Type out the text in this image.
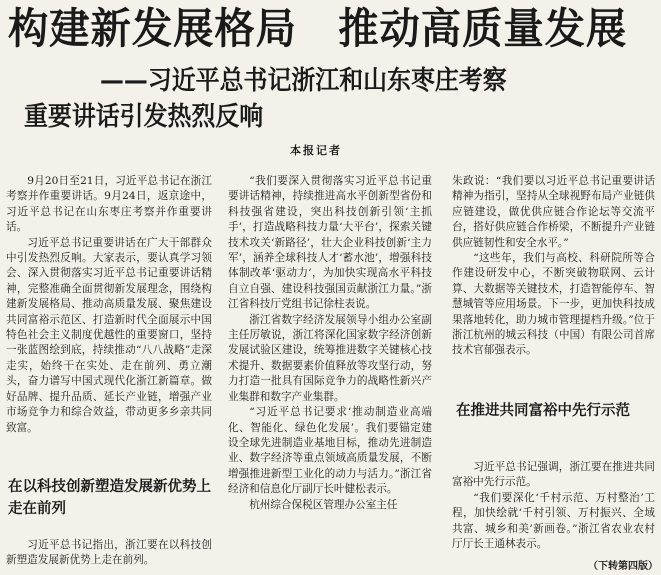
构建新发展格局　推动高质量发展
——习近平总书记浙江和山东枣庄考察
重要讲话引发热烈反响
本报记者

9月20日至21日，习近平总书记在浙江考察并作重要讲话。9月24日，返京途中，习近平总书记在山东枣庄考察并作重要讲话。

习近平总书记重要讲话在广大干部群众中引发热烈反响。大家表示，要认真学习领会、深入贯彻落实习近平总书记重要讲话精神，完整准确全面贯彻新发展理念，围绕构建新发展格局、推动高质量发展、聚焦建设共同富裕示范区、打造新时代全面展示中国特色社会主义制度优越性的重要窗口，坚持一张蓝图绘到底，持续推动“八八战略”走深走实，始终干在实处、走在前列、勇立潮头，奋力谱写中国式现代化浙江新篇章。做好品牌、提升品质、延长产业链，增强产业市场竞争力和综合效益，带动更多乡亲共同致富。

在以科技创新塑造发展新优势上走在前列

习近平总书记指出，浙江要在以科技创新塑造发展新优势上走在前列。

“我们要深入贯彻落实习近平总书记重要讲话精神，持续推进高水平创新型省份和科技强省建设，突出科技创新引领‘主抓手’，打造战略科技力量‘大平台’，探索关键技术攻关‘新路径’，壮大企业科技创新‘主力军’，涵养全球科技人才‘蓄水池’，增强科技体制改革‘驱动力’，为加快实现高水平科技自立自强、建设科技强国贡献浙江力量。”浙江省科技厅党组书记徐柱表说。

浙江省数字经济发展领导小组办公室副主任厉敏说，浙江将深化国家数字经济创新发展试验区建设，统筹推进数字关键核心技术提升、数据要素价值释放等攻坚行动，努力打造一批具有国际竞争力的战略性新兴产业集群和数字产业集群。

“习近平总书记要求‘推动制造业高端化、智能化、绿色化发展’。我们要锚定建设全球先进制造业基地目标，推动先进制造业、数字经济等重点领域高质量发展，不断增强推进新型工业化的动力与活力。”浙江省经济和信息化厅副厅长叶健松表示。

杭州综合保税区管理办公室主任

朱政说：“我们要以习近平总书记重要讲话精神为指引，坚持从全球视野布局产业链供应链建设，做优供应链合作论坛等交流平台，搭好供应链合作桥梁，不断提升产业链供应链韧性和安全水平。”

“这些年，我们与高校、科研院所等合作建设研发中心，不断突破物联网、云计算、大数据等关键技术，打造智能停车、智慧城管等应用场景。下一步，更加快科技成果落地转化，助力城市管理提档升级。”位于浙江杭州的城云科技（中国）有限公司首席技术官郁强表示。

在推进共同富裕中先行示范

习近平总书记强调，浙江要在推进共同富裕中先行示范。

“我们要深化‘千村示范、万村整治’工程，加快绘就‘千村引领、万村振兴、全域共富、城乡和美’新画卷。”浙江省农业农村厅厅长王通林表示。

（下转第四版）
